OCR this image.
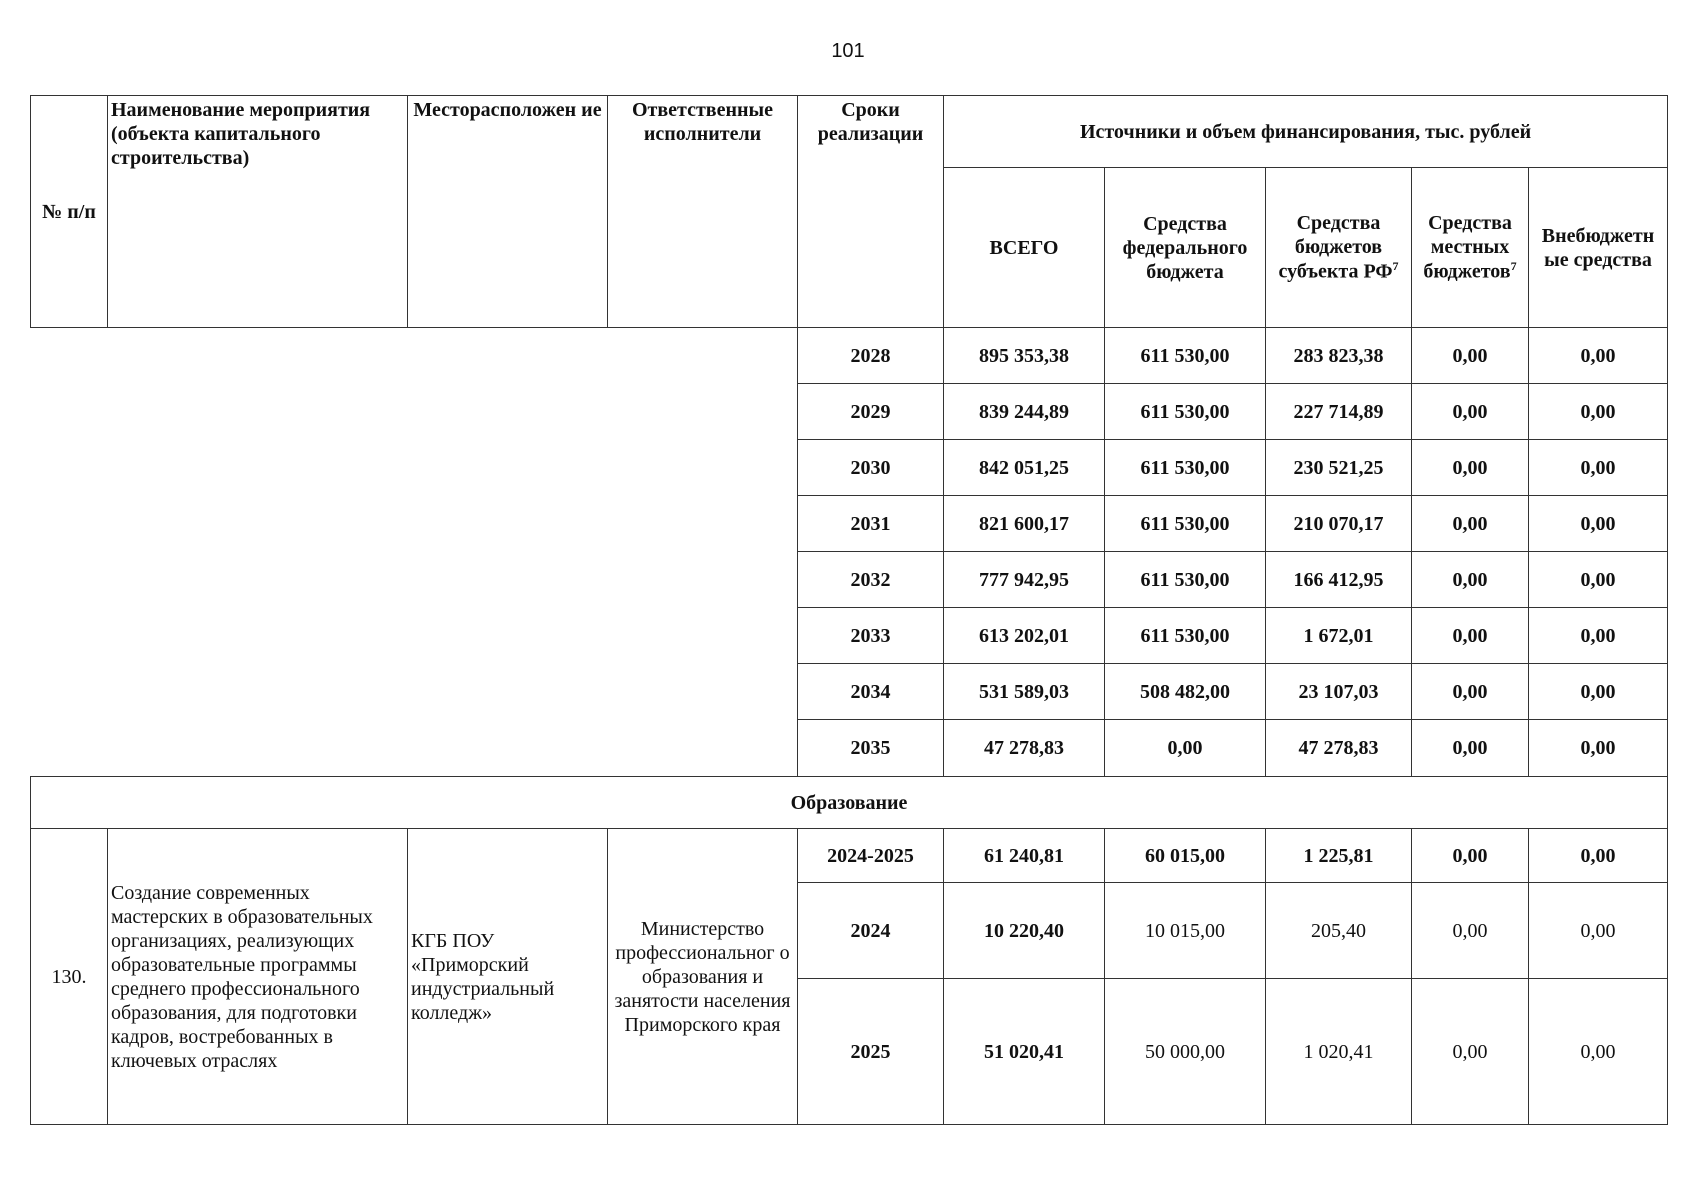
101
№ п/п	Наименование мероприятия (объекта капитального строительства)	Месторасположен ие	Ответственные исполнители	Сроки реализации	Источники и объем финансирования, тыс. рублей				
					ВСЕГО	Средства федерального бюджета	Средства бюджетов субъекта $РФ^7$	Средства местных бюджетов$^7$	Внебюджетн ые средства
				2028	895 353,38	611 530,00	283 823,38	0,00	0,00
				2029	839 244,89	611 530,00	227 714,89	0,00	0,00
				2030	842 051,25	611 530,00	230 521,25	0,00	0,00
				2031	821 600,17	611 530,00	210 070,17	0,00	0,00
				2032	777 942,95	611 530,00	166 412,95	0,00	0,00
				2033	613 202,01	611 530,00	1 672,01	0,00	0,00
				2034	531 589,03	508 482,00	23 107,03	0,00	0,00
				2035	47 278,83	0,00	47 278,83	0,00	0,00
Образование									
130.	Создание современных мастерских в образовательных организациях, реализующих образовательные программы среднего профессионального образования, для подготовки кадров, востребованных в ключевых отраслях	КГБ ПОУ «Приморский индустриальный колледж»	Министерство профессиональног о образования и занятости населения Приморского края	2024-2025	61 240,81	60 015,00	1 225,81	0,00	0,00
				2024	10 220,40	10 015,00	205,40	0,00	0,00
				2025	51 020,41	50 000,00	1 020,41	0,00	0,00
